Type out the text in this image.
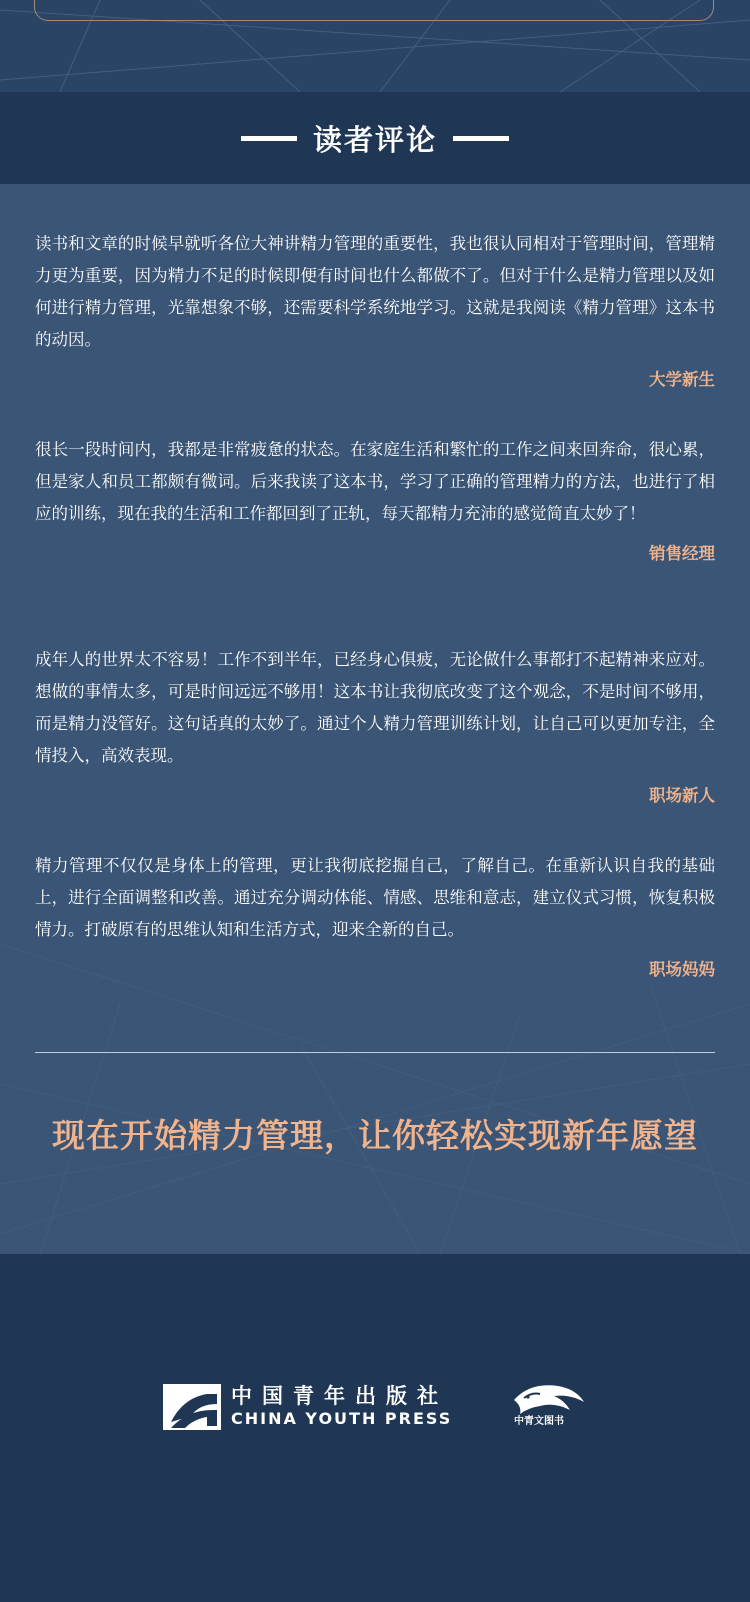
读者评论

读书和文章的时候早就听各位大神讲精力管理的重要性，我也很认同相对于管理时间，管理精力更为重要，因为精力不足的时候即便有时间也什么都做不了。但对于什么是精力管理以及如何进行精力管理，光靠想象不够，还需要科学系统地学习。这就是我阅读《精力管理》这本书的动因。

大学新生

很长一段时间内，我都是非常疲惫的状态。在家庭生活和繁忙的工作之间来回奔命，很心累，但是家人和员工都颇有微词。后来我读了这本书，学习了正确的管理精力的方法，也进行了相应的训练，现在我的生活和工作都回到了正轨，每天都精力充沛的感觉简直太妙了！

销售经理

成年人的世界太不容易！工作不到半年，已经身心俱疲，无论做什么事都打不起精神来应对。想做的事情太多，可是时间远远不够用！这本书让我彻底改变了这个观念，不是时间不够用，而是精力没管好。这句话真的太妙了。通过个人精力管理训练计划，让自己可以更加专注，全情投入，高效表现。

职场新人

精力管理不仅仅是身体上的管理，更让我彻底挖掘自己，了解自己。在重新认识自我的基础上，进行全面调整和改善。通过充分调动体能、情感、思维和意志，建立仪式习惯，恢复积极情力。打破原有的思维认知和生活方式，迎来全新的自己。

职场妈妈
现在开始精力管理，让你轻松实现新年愿望
中国青年出版社
CHINA YOUTH PRESS	中青文图书
